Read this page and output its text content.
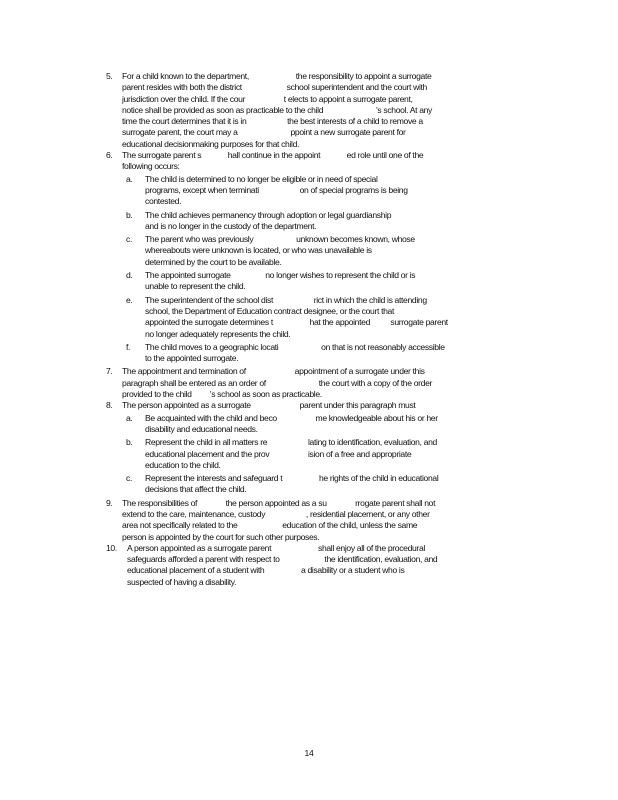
5. For a child known to the department,                       the responsibility to appoint a surrogate
parent resides with both the district                      school superintendent and the court with
jurisdiction over the child. If the cour                   t elects to appoint a surrogate parent,
notice shall be provided as soon as practicable to the child                          's school. At any
time the court determines that it is in                    the best interests of a child to remove a
surrogate parent, the court may a                          ppoint a new surrogate parent for
educational decisionmaking purposes for that child.
6. The surrogate parent s             hall continue in the appoint             ed role until one of the
following occurs:
a. The child is determined to no longer be eligible or in need of special
programs, except when terminati                    on of special programs is being
contested.
b. The child achieves permanency through adoption or legal guardianship
and is no longer in the custody of the department.
c. The parent who was previously                     unknown becomes known, whose
whereabouts were unknown is located, or who was unavailable is
determined by the court to be available.
d. The appointed surrogate                 no longer wishes to represent the child or is
unable to represent the child.
e. The superintendent of the school dist                    rict in which the child is attending
school, the Department of Education contract designee, or the court that
appointed the surrogate determines t                  hat the appointed          surrogate parent
no longer adequately represents the child.
f. The child moves to a geographic locati                     on that is not reasonably accessible
to the appointed surrogate.
7. The appointment and termination of                        appointment of a surrogate under this
paragraph shall be entered as an order of                          the court with a copy of the order
provided to the child         's school as soon as practicable.
8. The person appointed as a surrogate                        parent under this paragraph must
a. Be acquainted with the child and beco                   me knowledgeable about his or her
disability and educational needs.
b. Represent the child in all matters re                    lating to identification, evaluation, and
educational placement and the prov                   ision of a free and appropriate
education to the child.
c. Represent the interests and safeguard t                  he rights of the child in educational
decisions that affect the child.
9. The responsibilities of              the person appointed as a su              rrogate parent shall not
extend to the care, maintenance, custody                    , residential placement, or any other
area not specifically related to the                      education of the child, unless the same
person is appointed by the court for such other purposes.
10. A person appointed as a surrogate parent                       shall enjoy all of the procedural
safeguards afforded a parent with respect to                      the identification, evaluation, and
educational placement of a student with                  a disability or a student who is
suspected of having a disability.
14
